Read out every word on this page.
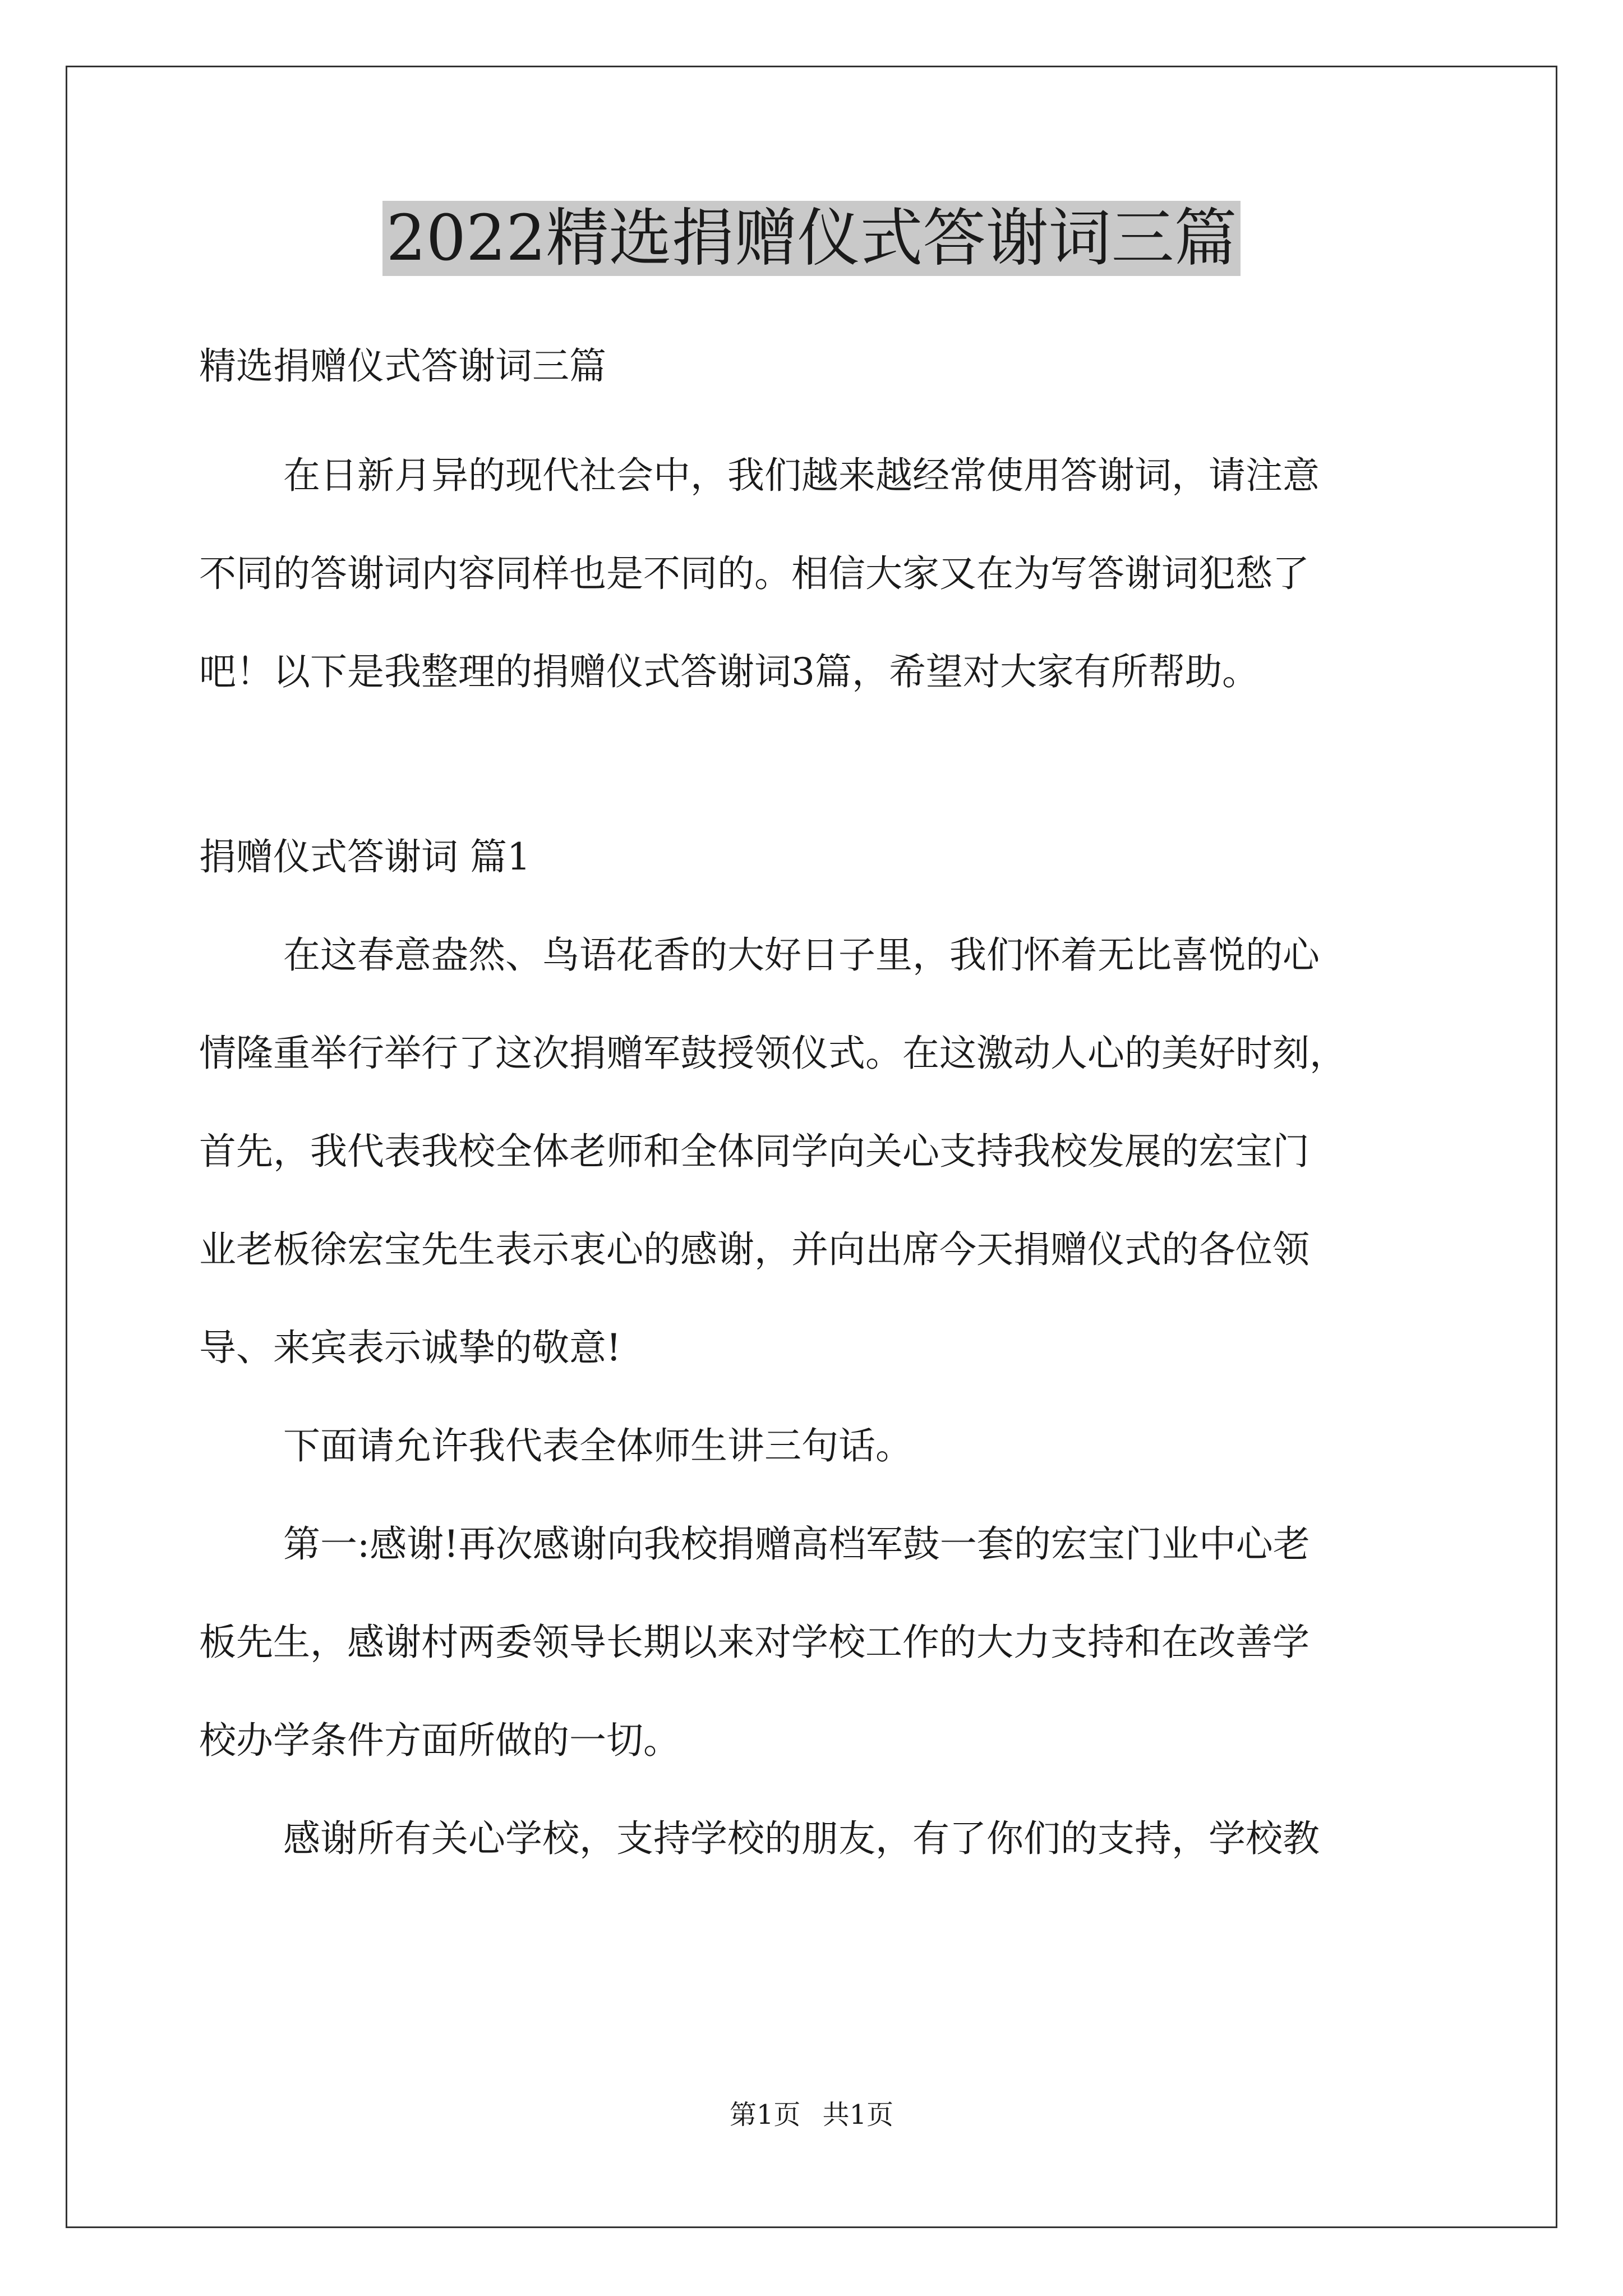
2022精选捐赠仪式答谢词三篇

精选捐赠仪式答谢词三篇

在日新月异的现代社会中，我们越来越经常使用答谢词，请注意

不同的答谢词内容同样也是不同的。相信大家又在为写答谢词犯愁了

吧！以下是我整理的捐赠仪式答谢词3篇，希望对大家有所帮助。

捐赠仪式答谢词 篇1

在这春意盎然、鸟语花香的大好日子里，我们怀着无比喜悦的心

情隆重举行举行了这次捐赠军鼓授领仪式。在这激动人心的美好时刻，

首先，我代表我校全体老师和全体同学向关心支持我校发展的宏宝门

业老板徐宏宝先生表示衷心的感谢，并向出席今天捐赠仪式的各位领

导、来宾表示诚挚的敬意!

下面请允许我代表全体师生讲三句话。

第一:感谢!再次感谢向我校捐赠高档军鼓一套的宏宝门业中心老

板先生，感谢村两委领导长期以来对学校工作的大力支持和在改善学

校办学条件方面所做的一切。

感谢所有关心学校，支持学校的朋友，有了你们的支持，学校教

第1页 共1页
